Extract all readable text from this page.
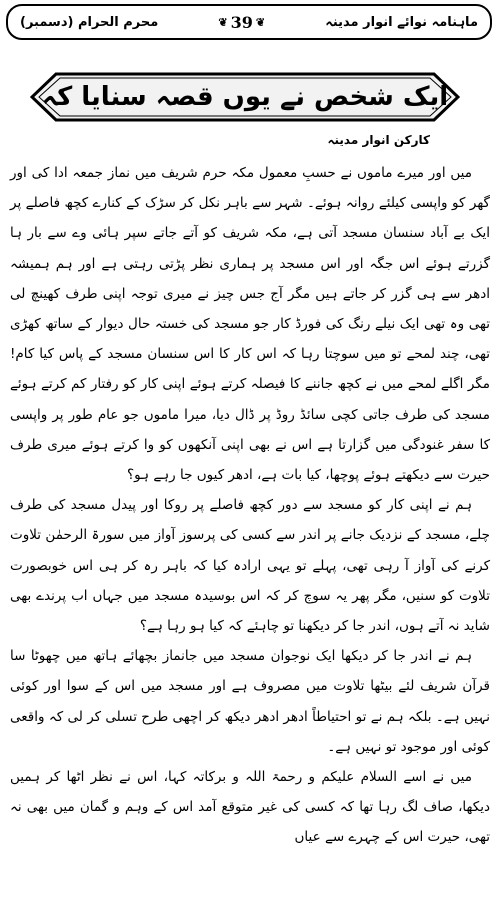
ماہنامہ نوائے انوار مدینہ
❦ 39 ❦
محرم الحرام (دسمبر)
ایک شخص نے یوں قصہ سنایا کہ
کارکن انوار مدینہ

میں اور میرے ماموں نے حسبِ معمول مکہ حرم شریف میں نماز جمعہ ادا کی اور گھر کو واپسی کیلئے روانہ ہوئے۔ شہر سے باہر نکل کر سڑک کے کنارے کچھ فاصلے پر ایک بے آباد سنسان مسجد آتی ہے، مکہ شریف کو آتے جاتے سپر ہائی وے سے بار ہا گزرتے ہوئے اس جگہ اور اس مسجد پر ہماری نظر پڑتی رہتی ہے اور ہم ہمیشہ ادھر سے ہی گزر کر جاتے ہیں مگر آج جس چیز نے میری توجہ اپنی طرف کھینچ لی تھی وہ تھی ایک نیلے رنگ کی فورڈ کار جو مسجد کی خستہ حال دیوار کے ساتھ کھڑی تھی، چند لمحے تو میں سوچتا رہا کہ اس کار کا اس سنسان مسجد کے پاس کیا کام! مگر اگلے لمحے میں نے کچھ جاننے کا فیصلہ کرتے ہوئے اپنی کار کو رفتار کم کرتے ہوئے مسجد کی طرف جاتی کچی سائڈ روڈ پر ڈال دیا، میرا ماموں جو عام طور پر واپسی کا سفر غنودگی میں گزارتا ہے اس نے بھی اپنی آنکھوں کو وا کرتے ہوئے میری طرف حیرت سے دیکھتے ہوئے پوچھا، کیا بات ہے، ادھر کیوں جا رہے ہو؟

ہم نے اپنی کار کو مسجد سے دور کچھ فاصلے پر روکا اور پیدل مسجد کی طرف چلے، مسجد کے نزدیک جانے پر اندر سے کسی کی پرسوز آواز میں سورۃ الرحمٰن تلاوت کرنے کی آواز آ رہی تھی، پہلے تو یہی ارادہ کیا کہ باہر رہ کر ہی اس خوبصورت تلاوت کو سنیں، مگر پھر یہ سوچ کر کہ اس بوسیدہ مسجد میں جہاں اب پرندے بھی شاید نہ آتے ہوں، اندر جا کر دیکھنا تو چاہئے کہ کیا ہو رہا ہے؟

ہم نے اندر جا کر دیکھا ایک نوجوان مسجد میں جانماز بچھائے ہاتھ میں چھوٹا سا قرآن شریف لئے بیٹھا تلاوت میں مصروف ہے اور مسجد میں اس کے سوا اور کوئی نہیں ہے۔ بلکہ ہم نے تو احتیاطاً ادھر ادھر دیکھ کر اچھی طرح تسلی کر لی کہ واقعی کوئی اور موجود تو نہیں ہے۔

میں نے اسے السلام علیکم و رحمۃ اللہ و برکاتہ کہا، اس نے نظر اٹھا کر ہمیں دیکھا، صاف لگ رہا تھا کہ کسی کی غیر متوقع آمد اس کے وہم و گمان میں بھی نہ تھی، حیرت اس کے چہرے سے عیاں
